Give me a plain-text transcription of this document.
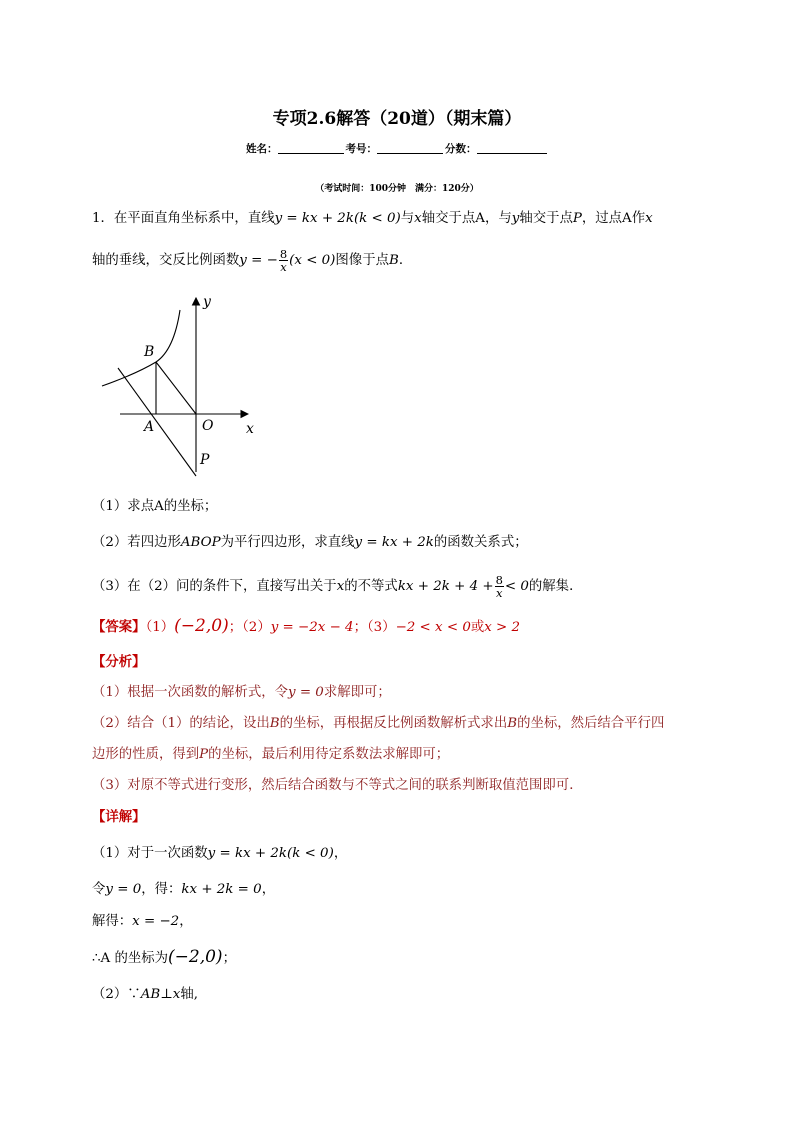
专项2.6解答（20道）（期末篇）
姓名：	考号：	分数：
（考试时间：100分钟　满分：120分）
1．在平面直角坐标系中，直线y = kx + 2k(k < 0)与x轴交于点A，与y轴交于点P，过点A作x
轴的垂线，交反比例函数y = − $\frac{8}{x} (x < 0)$图像于点B．
B
y
A	O x
P
（1）求点A的坐标；
（2）若四边形ABOP为平行四边形，求直线y = kx + 2k的函数关系式；
（3）在（2）问的条件下，直接写出关于x的不等式kx + $2k + 4 + \frac{8}{x} < 0$的解集．
【答案】（1）(−2,0)；（2）y = −2x − 4；（3）−2 < x < 0或x > 2
【分析】
（1）根据一次函数的解析式，令y = 0求解即可；
（2）结合（1）的结论，设出B的坐标，再根据反比例函数解析式求出B的坐标，然后结合平行四
边形的性质，得到P的坐标，最后利用待定系数法求解即可；
（3）对原不等式进行变形，然后结合函数与不等式之间的联系判断取值范围即可．
【详解】
（1）对于一次函数y = kx + 2k(k < 0)，
令y = 0，得：kx + 2k = 0，
解得：x = −2，
∴A 的坐标为(−2,0)；
（2）∵AB⊥x轴,
